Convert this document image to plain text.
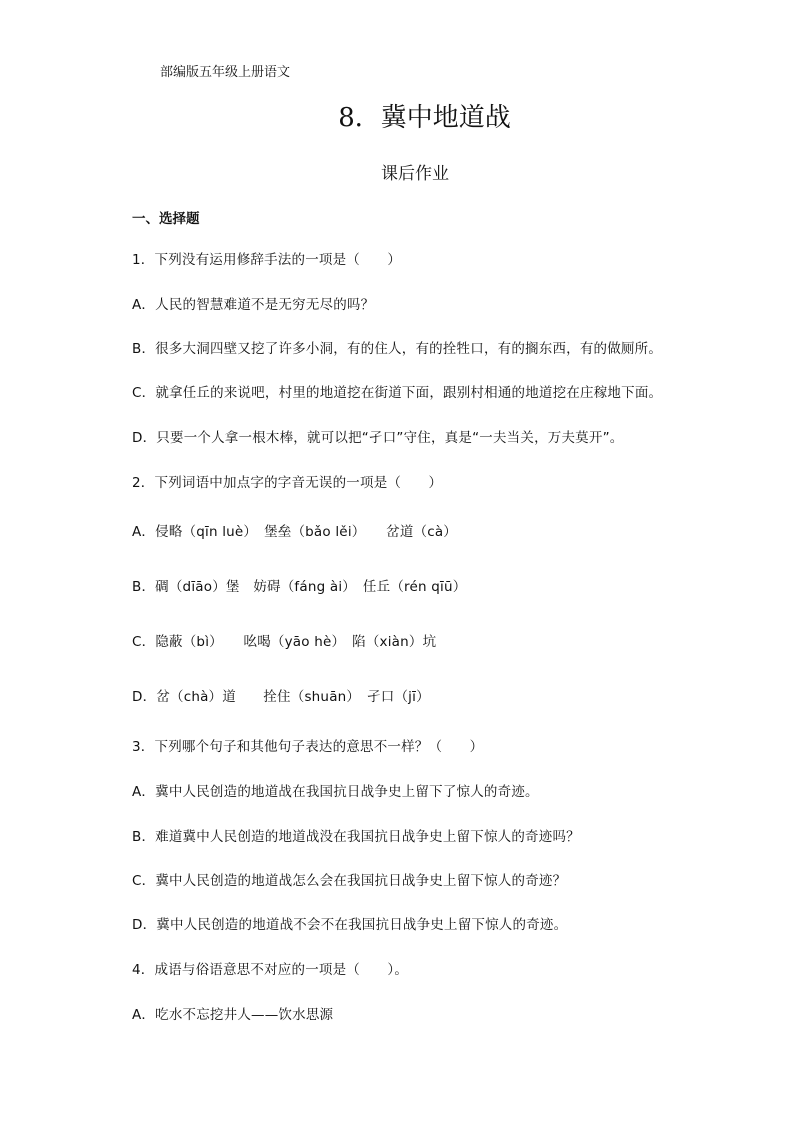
部编版五年级上册语文
8．冀中地道战
课后作业
一、选择题
1．下列没有运用修辞手法的一项是（　　）
A．人民的智慧难道不是无穷无尽的吗？
B．很多大洞四壁又挖了许多小洞，有的住人，有的拴牲口，有的搁东西，有的做厕所。
C．就拿任丘的来说吧，村里的地道挖在街道下面，跟别村相通的地道挖在庄稼地下面。
D．只要一个人拿一根木棒，就可以把“孑口”守住，真是“一夫当关，万夫莫开”。
2．下列词语中加点字的字音无误的一项是（　　）
A．侵略（qīn luè）　堡垒（bǎo lěi）　　岔道（cà）
B．碉（dīāo）堡　妨碍（fáng ài）　任丘（rén qīū）
C．隐蔽（bì）　　吆喝（yāo hè）　陷（xiàn）坑
D．岔（chà）道　　拴住（shuān）　孑口（jī）
3．下列哪个句子和其他句子表达的意思不一样？（　　）
A．冀中人民创造的地道战在我国抗日战争史上留下了惊人的奇迹。
B．难道冀中人民创造的地道战没在我国抗日战争史上留下惊人的奇迹吗？
C．冀中人民创造的地道战怎么会在我国抗日战争史上留下惊人的奇迹？
D．冀中人民创造的地道战不会不在我国抗日战争史上留下惊人的奇迹。
4．成语与俗语意思不对应的一项是（　　）。
A．吃水不忘挖井人——饮水思源
